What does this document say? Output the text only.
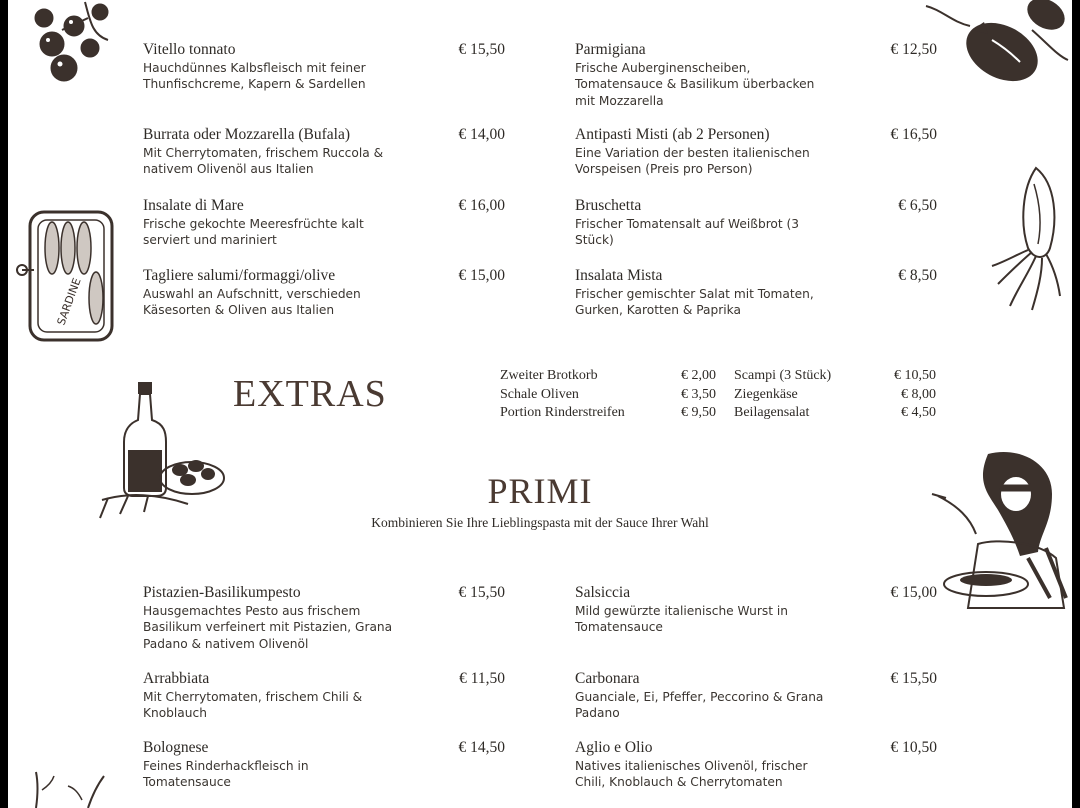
SARDINE
Vitello tonnato
Hauchdünnes Kalbsfleisch mit feiner
Thunfischcreme, Kapern & Sardellen
€ 15,50
Burrata oder Mozzarella (Bufala)
Mit Cherrytomaten, frischem Ruccola &
nativem Olivenöl aus Italien
€ 14,00
Insalate di Mare
Frische gekochte Meeresfrüchte kalt
serviert und mariniert
€ 16,00
Tagliere salumi/formaggi/olive
Auswahl an Aufschnitt, verschieden
Käsesorten & Oliven aus Italien
€ 15,00
Parmigiana
Frische Auberginenscheiben,
Tomatensauce & Basilikum überbacken
mit Mozzarella
€ 12,50
Antipasti Misti (ab 2 Personen)
Eine Variation der besten italienischen
Vorspeisen (Preis pro Person)
€ 16,50
Bruschetta
Frischer Tomatensalt auf Weißbrot (3
Stück)
€ 6,50
Insalata Mista
Frischer gemischter Salat mit Tomaten,
Gurken, Karotten & Paprika
€ 8,50
EXTRAS	Zweiter Brotkorb
Schale Oliven
Portion Rinderstreifen
€ 2,00
€ 3,50
€ 9,50
Scampi (3 Stück)
Ziegenkäse
Beilagensalat
€ 10,50
€ 8,00
€ 4,50
PRIMI
Kombinieren Sie Ihre Lieblingspasta mit der Sauce Ihrer Wahl
Pistazien-Basilikumpesto
Hausgemachtes Pesto aus frischem
Basilikum verfeinert mit Pistazien, Grana
Padano & nativem Olivenöl
€ 15,50
Arrabbiata
Mit Cherrytomaten, frischem Chili &
Knoblauch
€ 11,50
Bolognese
Feines Rinderhackfleisch in
Tomatensauce
€ 14,50
Salsiccia
Mild gewürzte italienische Wurst in
Tomatensauce
€ 15,00
Carbonara
Guanciale, Ei, Pfeffer, Peccorino & Grana
Padano
€ 15,50
Aglio e Olio
Natives italienisches Olivenöl, frischer
Chili, Knoblauch & Cherrytomaten
€ 10,50
